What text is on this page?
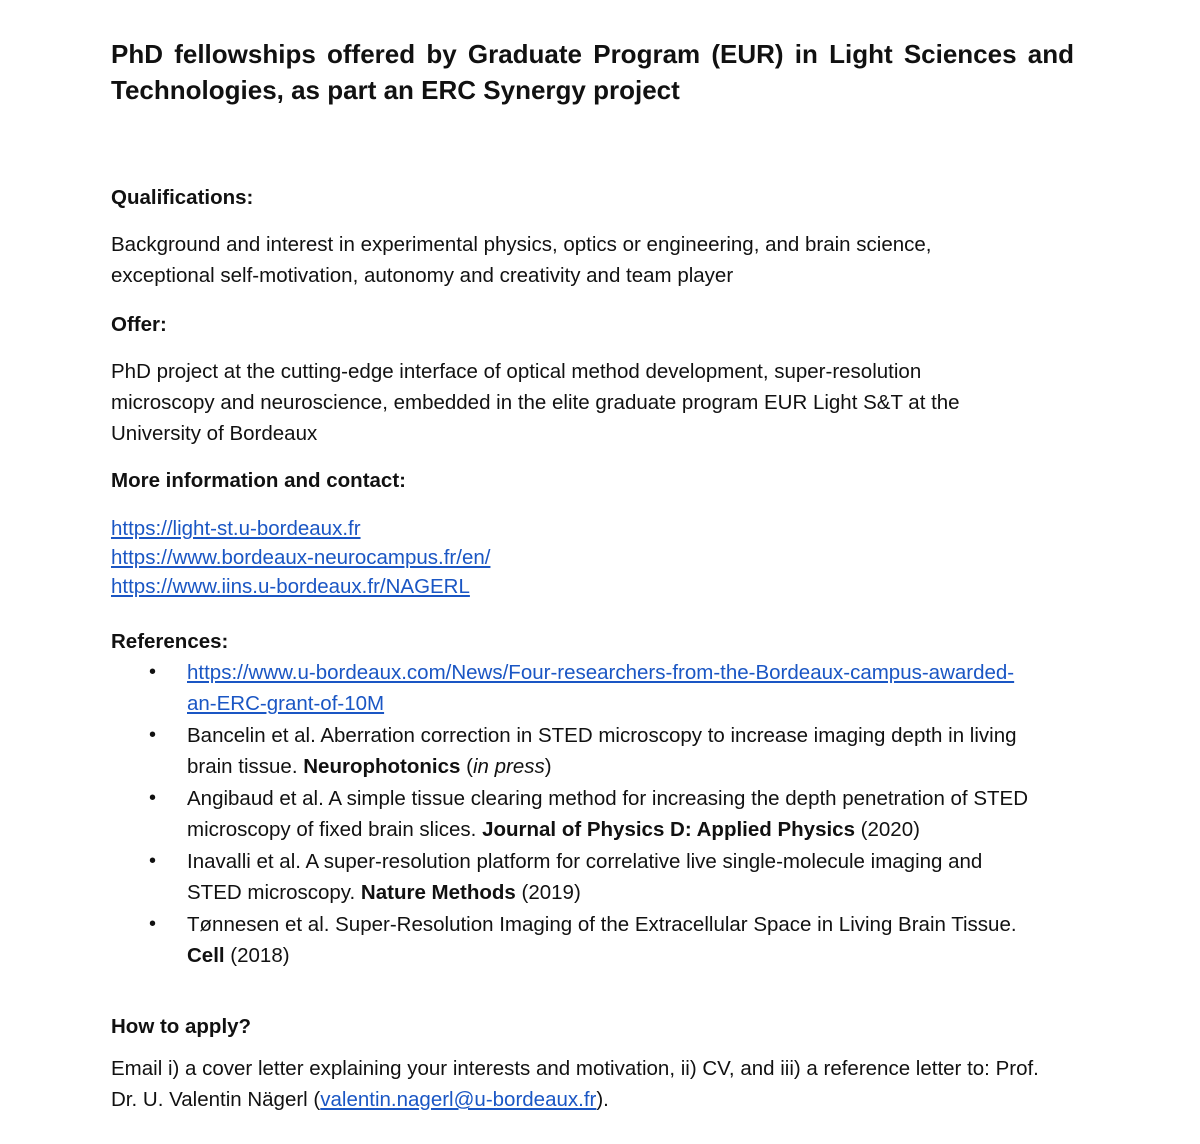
PhD fellowships offered by Graduate Program (EUR) in Light Sciences and Technologies, as part an ERC Synergy project

Qualifications:

Background and interest in experimental physics, optics or engineering, and brain science,

exceptional self-motivation, autonomy and creativity and team player

Offer:

PhD project at the cutting-edge interface of optical method development, super-resolution

microscopy and neuroscience, embedded in the elite graduate program EUR Light S&T at the

University of Bordeaux

More information and contact:

https://light-st.u-bordeaux.fr
https://www.bordeaux-neurocampus.fr/en/
https://www.iins.u-bordeaux.fr/NAGERL

References:

• https://www.u-bordeaux.com/News/Four-researchers-from-the-Bordeaux-campus-awarded-
an-ERC-grant-of-10M
• Bancelin et al. Aberration correction in STED microscopy to increase imaging depth in living
brain tissue. Neurophotonics (in press)
• Angibaud et al. A simple tissue clearing method for increasing the depth penetration of STED
microscopy of fixed brain slices. Journal of Physics D: Applied Physics (2020)
• Inavalli et al. A super-resolution platform for correlative live single-molecule imaging and
STED microscopy. Nature Methods (2019)
• Tønnesen et al. Super-Resolution Imaging of the Extracellular Space in Living Brain Tissue.
Cell (2018)

How to apply?

Email i) a cover letter explaining your interests and motivation, ii) CV, and iii) a reference letter to: Prof.

Dr. U. Valentin Nägerl (valentin.nagerl@u-bordeaux.fr).
